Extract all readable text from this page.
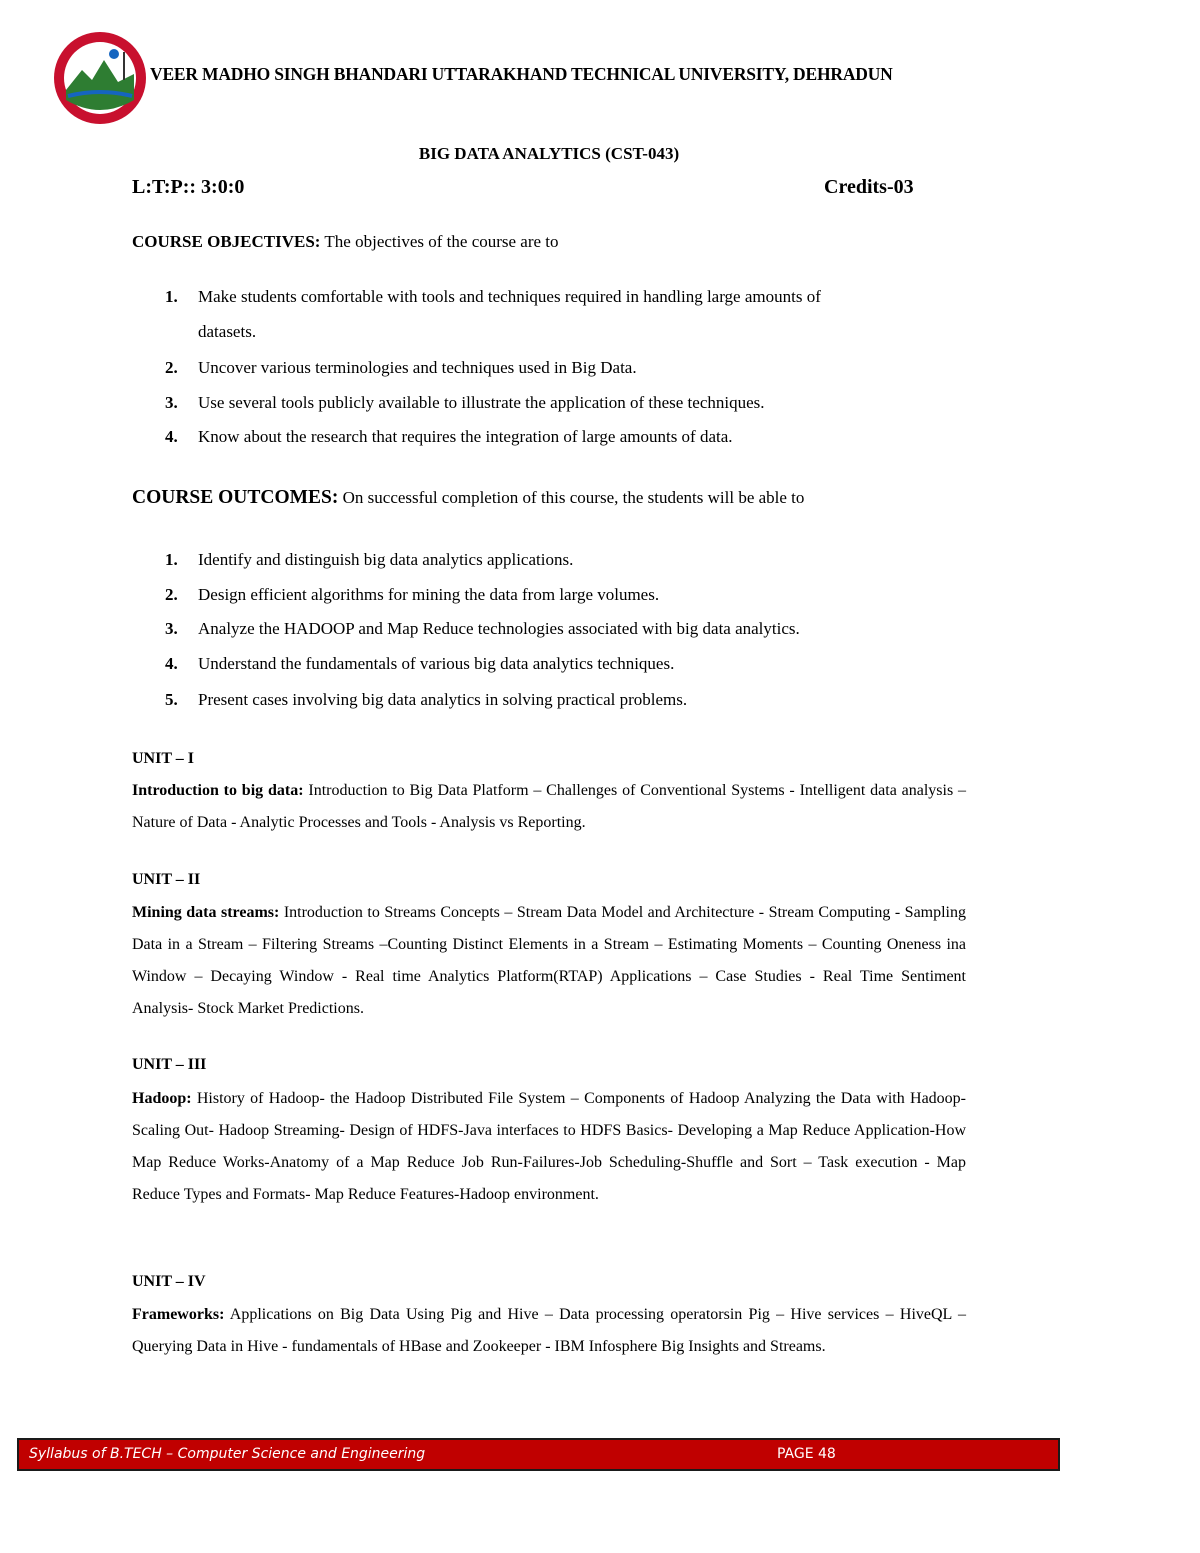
VEER MADHO SINGH BHANDARI UTTARAKHAND TECHNICAL UNIVERSITY, DEHRADUN
BIG DATA ANALYTICS (CST-043)
L:T:P:: 3:0:0	Credits-03
COURSE OBJECTIVES: The objectives of the course are to
1. Make students comfortable with tools and techniques required in handling large amounts of
datasets.
2. Uncover various terminologies and techniques used in Big Data.
3. Use several tools publicly available to illustrate the application of these techniques.
4. Know about the research that requires the integration of large amounts of data.
COURSE OUTCOMES: On successful completion of this course, the students will be able to
1. Identify and distinguish big data analytics applications.
2. Design efficient algorithms for mining the data from large volumes.
3. Analyze the HADOOP and Map Reduce technologies associated with big data analytics.
4. Understand the fundamentals of various big data analytics techniques.
5. Present cases involving big data analytics in solving practical problems.
UNIT – I
Introduction to big data: Introduction to Big Data Platform – Challenges of Conventional Systems - Intelligent data analysis – Nature of Data - Analytic Processes and Tools - Analysis vs Reporting.
UNIT – II
Mining data streams: Introduction to Streams Concepts – Stream Data Model and Architecture - Stream Computing - Sampling Data in a Stream – Filtering Streams –Counting Distinct Elements in a Stream – Estimating Moments – Counting Oneness ina Window – Decaying Window - Real time Analytics Platform(RTAP) Applications – Case Studies - Real Time Sentiment Analysis- Stock Market Predictions.
UNIT – III
Hadoop: History of Hadoop- the Hadoop Distributed File System – Components of Hadoop Analyzing the Data with Hadoop- Scaling Out- Hadoop Streaming- Design of HDFS-Java interfaces to HDFS Basics- Developing a Map Reduce Application-How Map Reduce Works-Anatomy of a Map Reduce Job Run-Failures-Job Scheduling-Shuffle and Sort – Task execution - Map Reduce Types and Formats- Map Reduce Features-Hadoop environment.
UNIT – IV
Frameworks: Applications on Big Data Using Pig and Hive – Data processing operatorsin Pig – Hive services – HiveQL – Querying Data in Hive - fundamentals of HBase and Zookeeper - IBM Infosphere Big Insights and Streams.
Syllabus of B.TECH – Computer Science and Engineering	PAGE 48
